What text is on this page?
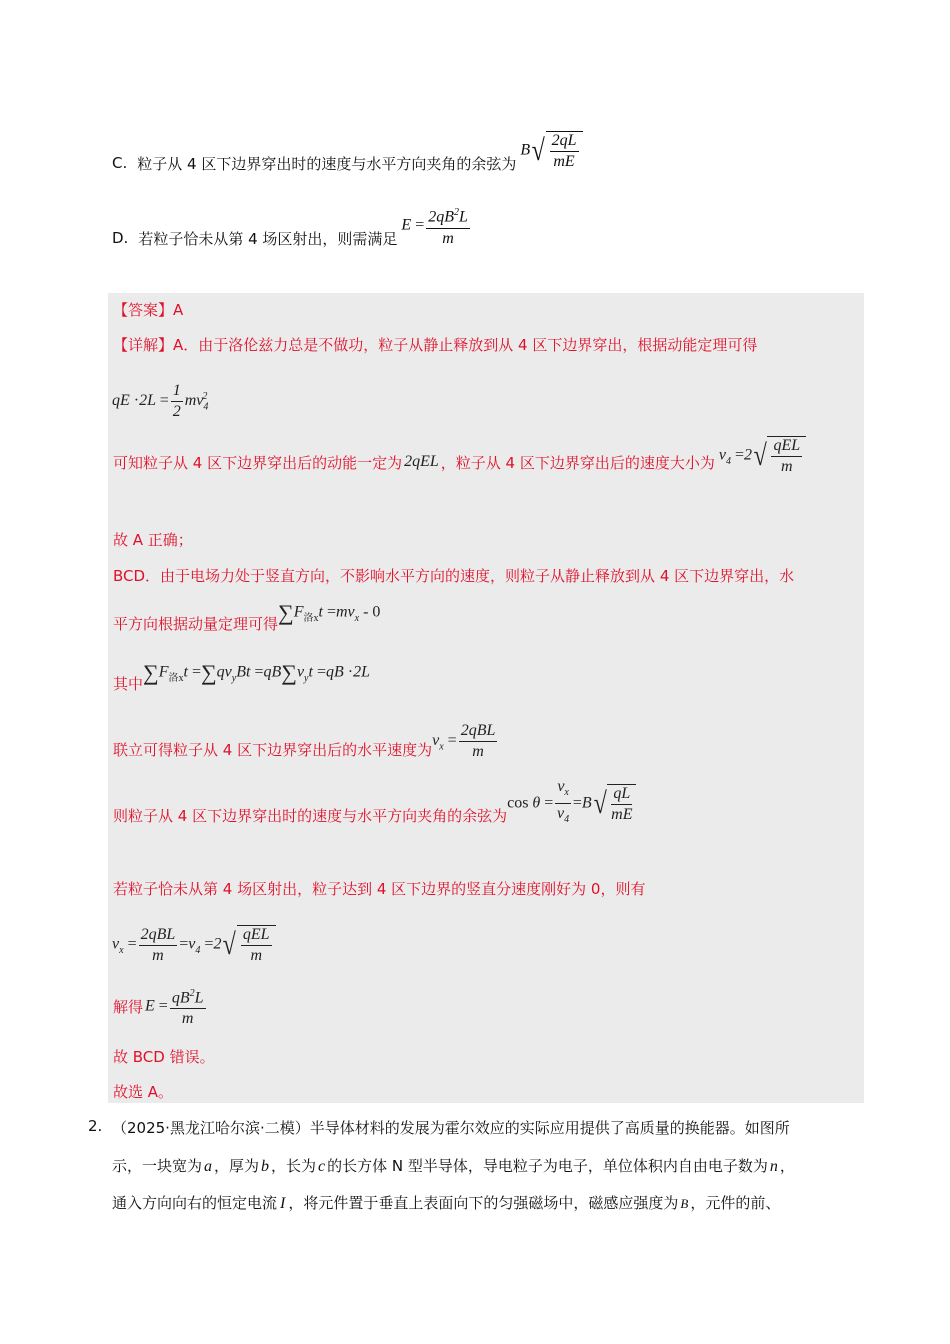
C. 粒子从 4 区下边界穿出时的速度与水平方向夹角的余弦为
B √ $\frac{2qL}{mE}$
D. 若粒子恰未从第 4 场区射出，则需满足
$E = \frac{2qB^2L}{m}$
【答案】A
【详解】A．由于洛伦兹力总是不做功，粒子从静止释放到从 4 区下边界穿出，根据动能定理可得
qE $\cdot 2L = \frac{1}{2} mv_4^2$
可知粒子从 4 区下边界穿出后的动能一定为 2qEL ，粒子从 4 区下边界穿出后的速度大小为 $v_4 =2$ √ $\frac{\text{qEL}}{m}$
故 A 正确；
BCD．由于电场力处于竖直方向，不影响水平方向的速度，则粒子从静止释放到从 4 区下边界穿出，水
平方向根据动量定理可得 $\sum F_{洛x}t =mv_x - 0$
其中 $\sum F_{洛x}t =\sum qv_yBt =qB\sum v_yt =qB \cdot 2L$
联立可得粒子从 4 区下边界穿出后的水平速度为
$v_x = \frac{\text{2qBL}}{m}$
则粒子从 4 区下边界穿出时的速度与水平方向夹角的余弦为
$\cos \theta = \frac{v_x}{v_4} =B$ √ $\frac{qL}{mE}$
若粒子恰未从第 4 场区射出，粒子达到 4 区下边界的竖直分速度刚好为 0，则有
$v_x = \frac{\text{2qBL}}{m} =v_4 =2$ √ $\frac{\text{qEL}}{m}$
解得 $E = \frac{qB^2L}{m}$
故 BCD 错误。
故选 A。
2. （2025·黑龙江哈尔滨·二模）半导体材料的发展为霍尔效应的实际应用提供了高质量的换能器。如图所
示，一块宽为 a ，厚为 b ，长为 c 的长方体 N 型半导体，导电粒子为电子，单位体积内自由电子数为 n ，
通入方向向右的恒定电流 I ，将元件置于垂直上表面向下的匀强磁场中，磁感应强度为 B ，元件的前、
